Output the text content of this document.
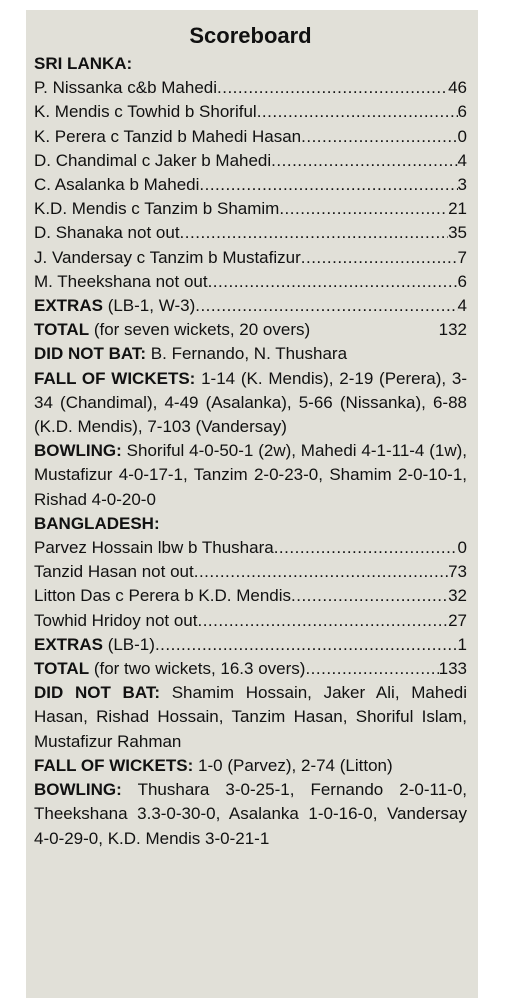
Scoreboard
SRI LANKA:
P. Nissanka c&b Mahedi .....	46
K. Mendis c Towhid b Shoriful .....	6
K. Perera c Tanzid b Mahedi Hasan .....	0
D. Chandimal c Jaker b Mahedi .....	4
C. Asalanka b Mahedi .....	3
K.D. Mendis c Tanzim b Shamim .....	21
D. Shanaka not out .....	35
J. Vandersay c Tanzim b Mustafizur .....	7
M. Theekshana not out .....	6
EXTRAS (LB-1, W-3) .....	4
TOTAL (for seven wickets, 20 overs)	132
DID NOT BAT: B. Fernando, N. Thushara
FALL OF WICKETS: 1-14 (K. Mendis), 2-19 (Perera), 3-34 (Chandimal), 4-49 (Asalanka), 5-66 (Nissanka), 6-88 (K.D. Mendis), 7-103 (Vandersay)
BOWLING: Shoriful 4-0-50-1 (2w), Mahedi 4-1-11-4 (1w), Mustafizur 4-0-17-1, Tanzim 2-0-23-0, Shamim 2-0-10-1, Rishad 4-0-20-0
BANGLADESH:
Parvez Hossain lbw b Thushara .....	0
Tanzid Hasan not out .....	73
Litton Das c Perera b K.D. Mendis .....	32
Towhid Hridoy not out .....	27
EXTRAS (LB-1) .....	1
TOTAL (for two wickets, 16.3 overs) .....	133
DID NOT BAT: Shamim Hossain, Jaker Ali, Mahedi Hasan, Rishad Hossain, Tanzim Hasan, Shoriful Islam, Mustafizur Rahman
FALL OF WICKETS: 1-0 (Parvez), 2-74 (Litton)
BOWLING: Thushara 3-0-25-1, Fernando 2-0-11-0, Theekshana 3.3-0-30-0, Asalanka 1-0-16-0, Vandersay 4-0-29-0, K.D. Mendis 3-0-21-1
